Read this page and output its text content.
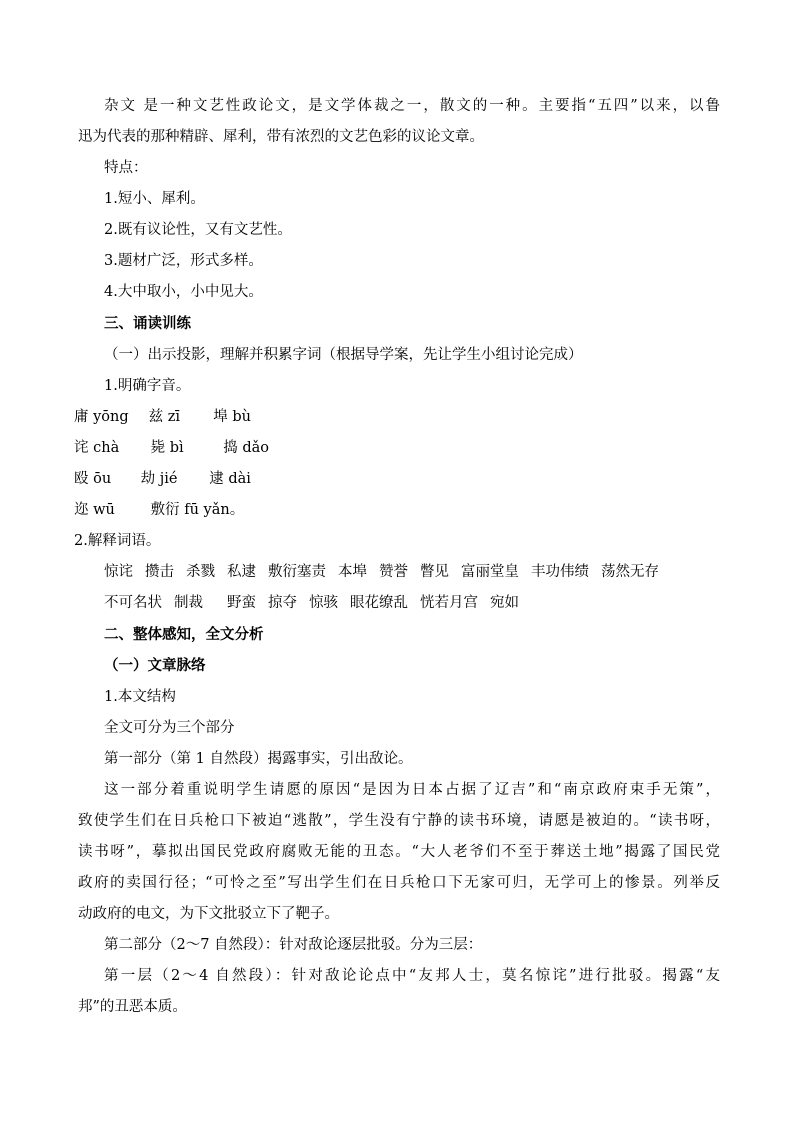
杂文 是一种文艺性政论文，是文学体裁之一，散文的一种。主要指“五四”以来，以鲁
迅为代表的那种精辟、犀利，带有浓烈的文艺色彩的议论文章。
特点：
1.短小、犀利。
2.既有议论性，又有文艺性。
3.题材广泛，形式多样。
4.大中取小，小中见大。
三、诵读训练
（一）出示投影，理解并积累字词（根据导学案，先让学生小组讨论完成）
1.明确字音。
庸 yōng 兹 zī 埠 bù
诧 chà 毙 bì	捣 dǎo
殴 ōu 劫 jié 逮 dài
迩 wū 敷衍 fū yǎn。
2.解释词语。
惊诧 攒击 杀戮 私逮 敷衍塞责 本埠 赞誉 瞥见 富丽堂皇 丰功伟绩 荡然无存
不可名状 制裁 野蛮 掠夺 惊骇 眼花缭乱 恍若月宫 宛如
二、整体感知，全文分析
（一）文章脉络
1.本文结构
全文可分为三个部分
第一部分（第 1 自然段）揭露事实，引出敌论。
这一部分着重说明学生请愿的原因“是因为日本占据了辽吉”和“南京政府束手无策”，
致使学生们在日兵枪口下被迫“逃散”，学生没有宁静的读书环境，请愿是被迫的。“读书呀，
读书呀”，摹拟出国民党政府腐败无能的丑态。“大人老爷们不至于葬送土地”揭露了国民党
政府的卖国行径；“可怜之至”写出学生们在日兵枪口下无家可归，无学可上的惨景。列举反
动政府的电文，为下文批驳立下了靶子。
第二部分（2～7 自然段）：针对敌论逐层批驳。分为三层：
第一层（2～4 自然段）：针对敌论论点中“友邦人士，莫名惊诧”进行批驳。揭露“友
邦”的丑恶本质。
